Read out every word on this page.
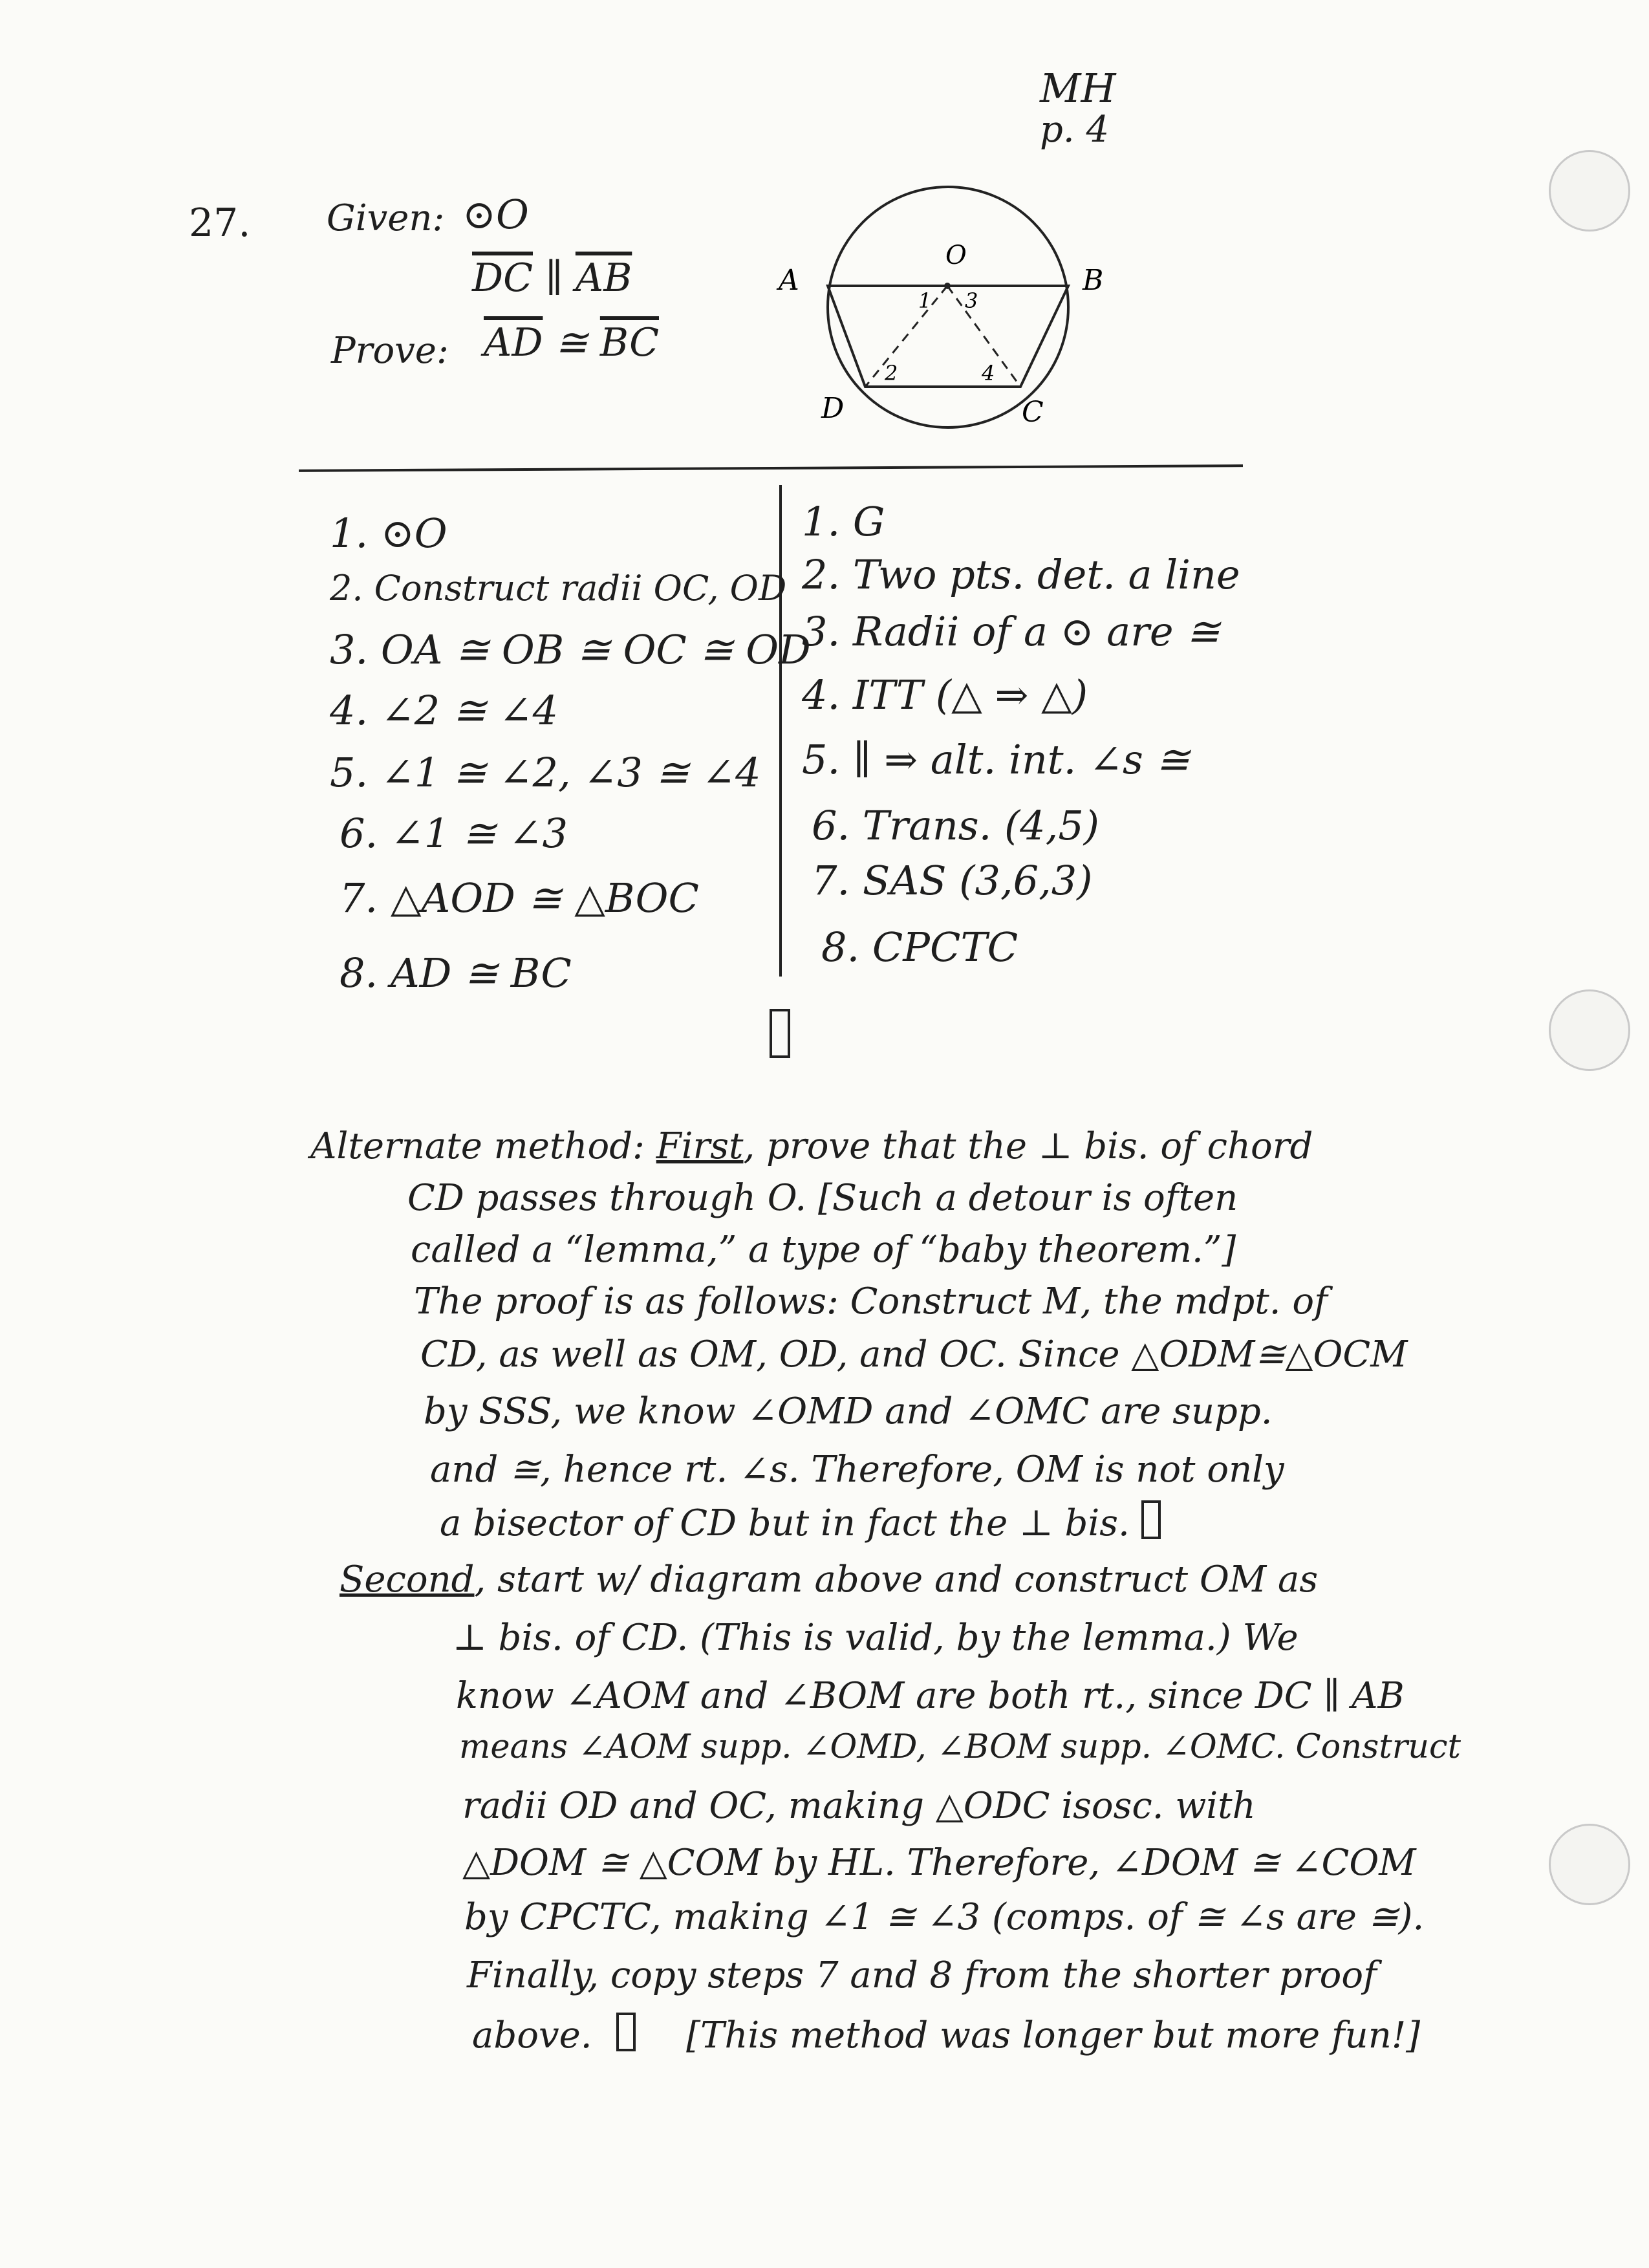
MH
p. 4
27. Given: ⊙O
$\overline{DC}$ ∥ $\overline{AB}$
Prove: $\overline{AD}$ ≅ $\overline{BC}$
O
A	B
C
D
1
2
3
4
1. ⊙O
2. Construct radii OC, OD
3. OA ≅ OB ≅ OC ≅ OD
4. ∠2 ≅ ∠4
5. ∠1 ≅ ∠2, ∠3 ≅ ∠4
6. ∠1 ≅ ∠3
7. △AOD ≅ △BOC
8. AD ≅ BC
1. G
2. Two pts. det. a line
3. Radii of a ⊙ are ≅
4. ITT (△ ⇒ △)
5. ∥ ⇒ alt. int. ∠s ≅
6. Trans. (4,5)
7. SAS (3,6,3)
8. CPCTC
Alternate method: First, prove that the ⊥ bis. of chord
CD passes through O. [Such a detour is often
called a “lemma,” a type of “baby theorem.”]
The proof is as follows: Construct M, the mdpt. of
CD, as well as OM, OD, and OC. Since △ODM≅△OCM
by SSS, we know ∠OMD and ∠OMC are supp.
and ≅, hence rt. ∠s. Therefore, OM is not only
a bisector of CD but in fact the ⊥ bis.
Second, start w/ diagram above and construct OM as
⊥ bis. of CD. (This is valid, by the lemma.) We
know ∠AOM and ∠BOM are both rt., since DC ∥ AB
means ∠AOM supp. ∠OMD, ∠BOM supp. ∠OMC. Construct
radii OD and OC, making △ODC isosc. with
△DOM ≅ △COM by HL. Therefore, ∠DOM ≅ ∠COM
by CPCTC, making ∠1 ≅ ∠3 (comps. of ≅ ∠s are ≅).
Finally, copy steps 7 and 8 from the shorter proof
above.	[This method was longer but more fun!]
